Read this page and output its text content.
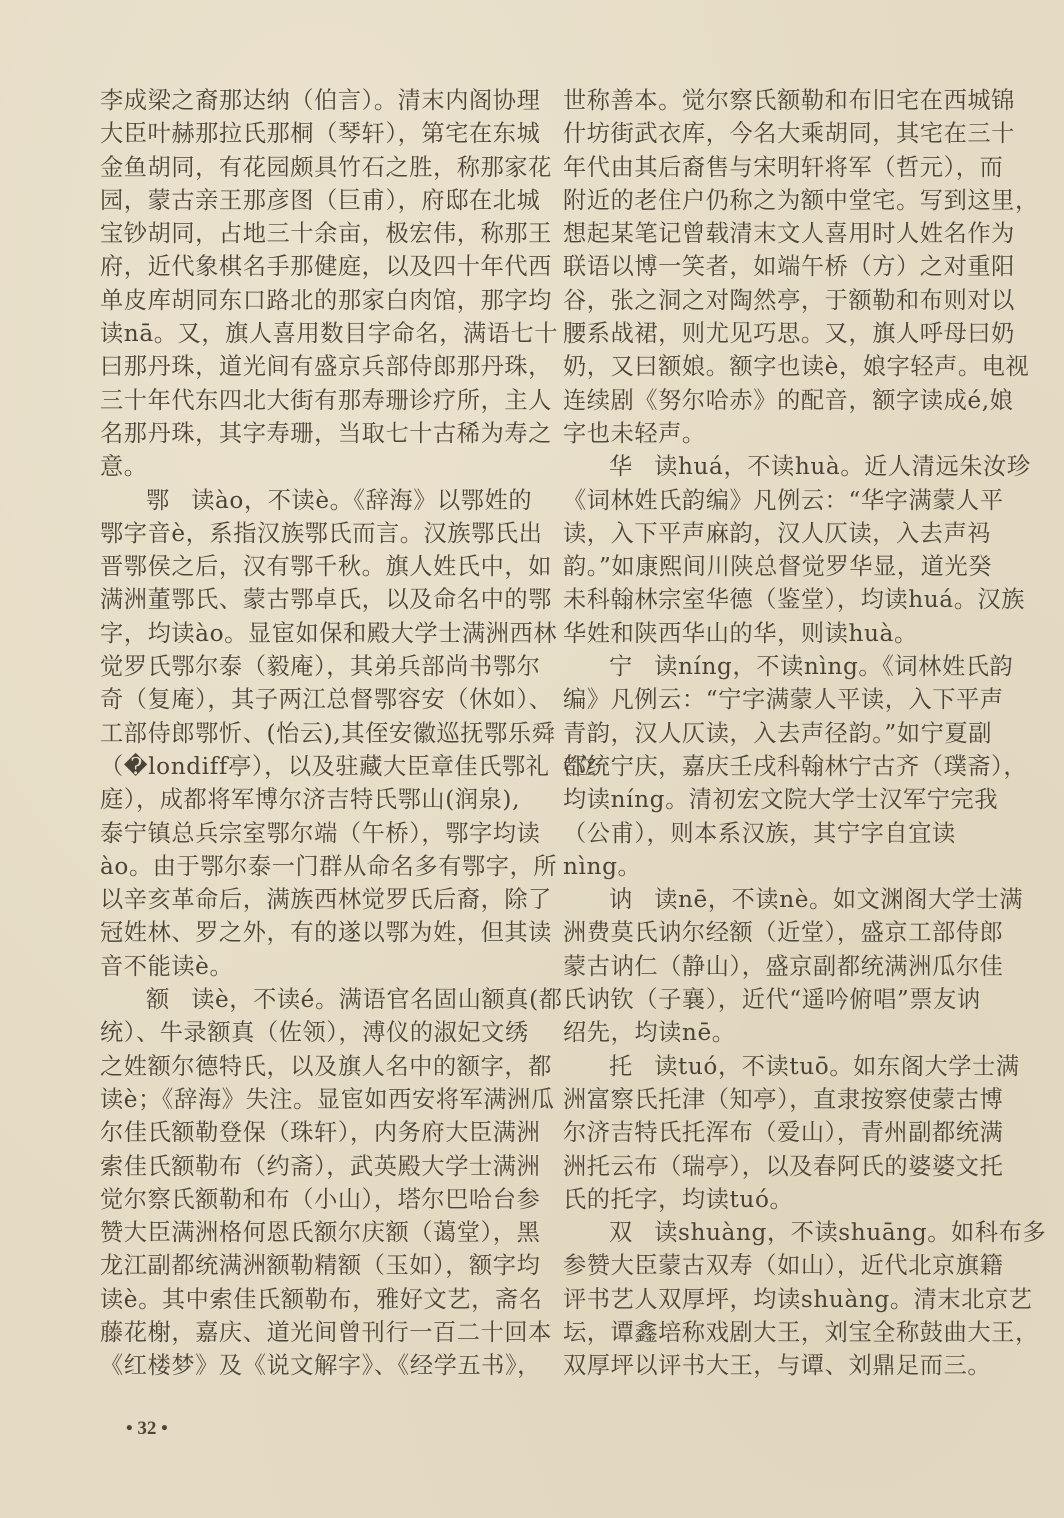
李成梁之裔那达纳（伯言）。清末内阁协理
大臣叶赫那拉氏那桐（琴轩），第宅在东城
金鱼胡同，有花园颇具竹石之胜，称那家花
园，蒙古亲王那彦图（巨甫），府邸在北城
宝钞胡同，占地三十余亩，极宏伟，称那王
府，近代象棋名手那健庭，以及四十年代西
单皮库胡同东口路北的那家白肉馆，那字均
读nā。又，旗人喜用数目字命名，满语七十
曰那丹珠，道光间有盛京兵部侍郎那丹珠，
三十年代东四北大街有那寿珊诊疗所，主人
名那丹珠，其字寿珊，当取七十古稀为寿之
意。
鄂 读ào，不读è。《辞海》以鄂姓的
鄂字音è，系指汉族鄂氏而言。汉族鄂氏出
晋鄂侯之后，汉有鄂千秋。旗人姓氏中，如
满洲董鄂氏、蒙古鄂卓氏，以及命名中的鄂
字，均读ào。显宦如保和殿大学士满洲西林
觉罗氏鄂尔泰（毅庵），其弟兵部尚书鄂尔
奇（复庵），其子两江总督鄂容安（休如）、
工部侍郎鄂忻、(怡云),其侄安徽巡抚鄂乐舜
（�londiff亭），以及驻藏大臣章佳氏鄂礼（立
庭），成都将军博尔济吉特氏鄂山(润泉),
泰宁镇总兵宗室鄂尔端（午桥），鄂字均读
ào。由于鄂尔泰一门群从命名多有鄂字，所
以辛亥革命后，满族西林觉罗氏后裔，除了
冠姓林、罗之外，有的遂以鄂为姓，但其读
音不能读è。
额 读è，不读é。满语官名固山额真(都
统）、牛录额真（佐领），溥仪的淑妃文绣
之姓额尔德特氏，以及旗人名中的额字，都
读è；《辞海》失注。显宦如西安将军满洲瓜
尔佳氏额勒登保（珠轩），内务府大臣满洲
索佳氏额勒布（约斋），武英殿大学士满洲
觉尔察氏额勒和布（小山），塔尔巴哈台参
赞大臣满洲格何恩氏额尔庆额（蔼堂），黑
龙江副都统满洲额勒精额（玉如），额字均
读è。其中索佳氏额勒布，雅好文艺，斋名
藤花榭，嘉庆、道光间曾刊行一百二十回本
《红楼梦》及《说文解字》、《经学五书》，
世称善本。觉尔察氏额勒和布旧宅在西城锦
什坊街武衣库，今名大乘胡同，其宅在三十
年代由其后裔售与宋明轩将军（哲元），而
附近的老住户仍称之为额中堂宅。写到这里，
想起某笔记曾载清末文人喜用时人姓名作为
联语以博一笑者，如端午桥（方）之对重阳
谷，张之洞之对陶然亭，于额勒和布则对以
腰系战裙，则尤见巧思。又，旗人呼母曰奶
奶，又曰额娘。额字也读è，娘字轻声。电视
连续剧《努尔哈赤》的配音，额字读成é,娘
字也未轻声。
华 读huá，不读huà。近人清远朱汝珍
《词林姓氏韵编》凡例云：“华字满蒙人平
读，入下平声麻韵，汉人仄读，入去声祃
韵。”如康熙间川陕总督觉罗华显，道光癸
未科翰林宗室华德（鉴堂），均读huá。汉族
华姓和陕西华山的华，则读huà。
宁 读níng，不读nìng。《词林姓氏韵
编》凡例云：“宁字满蒙人平读，入下平声
青韵，汉人仄读，入去声径韵。”如宁夏副
都统宁庆，嘉庆壬戌科翰林宁古齐（璞斋），
均读níng。清初宏文院大学士汉军宁完我
（公甫），则本系汉族，其宁字自宜读
nìng。
讷 读nē，不读nè。如文渊阁大学士满
洲费莫氏讷尔经额（近堂），盛京工部侍郎
蒙古讷仁（静山），盛京副都统满洲瓜尔佳
氏讷钦（子襄），近代“遥吟俯唱”票友讷
绍先，均读nē。
托 读tuó，不读tuō。如东阁大学士满
洲富察氏托津（知亭），直隶按察使蒙古博
尔济吉特氏托浑布（爱山），青州副都统满
洲托云布（瑞亭），以及春阿氏的婆婆文托
氏的托字，均读tuó。
双 读shuàng，不读shuāng。如科布多
参赞大臣蒙古双寿（如山），近代北京旗籍
评书艺人双厚坪，均读shuàng。清末北京艺
坛，谭鑫培称戏剧大王，刘宝全称鼓曲大王，
双厚坪以评书大王，与谭、刘鼎足而三。
• 32 •
